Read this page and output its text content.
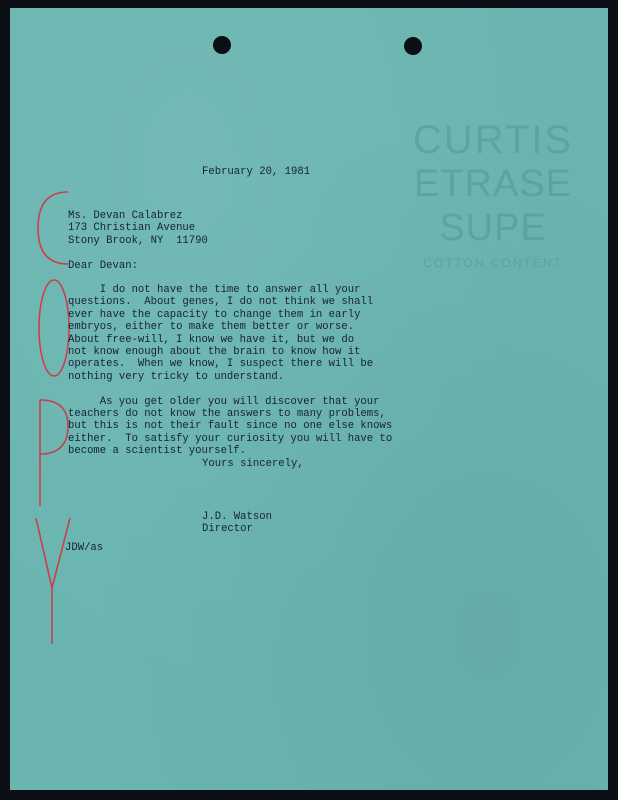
CURTIS
ETRASE SUPE
COTTON CONTENT
February 20, 1981
Ms. Devan Calabrez
173 Christian Avenue
Stony Brook, NY  11790
Dear Devan:
I do not have the time to answer all your
questions.  About genes, I do not think we shall
ever have the capacity to change them in early
embryos, either to make them better or worse.
About free-will, I know we have it, but we do
not know enough about the brain to know how it
operates.  When we know, I suspect there will be
nothing very tricky to understand.

As you get older you will discover that your
teachers do not know the answers to many problems,
but this is not their fault since no one else knows
either.  To satisfy your curiosity you will have to
become a scientist yourself.
Yours sincerely,
J.D. Watson
Director
JDW/as
